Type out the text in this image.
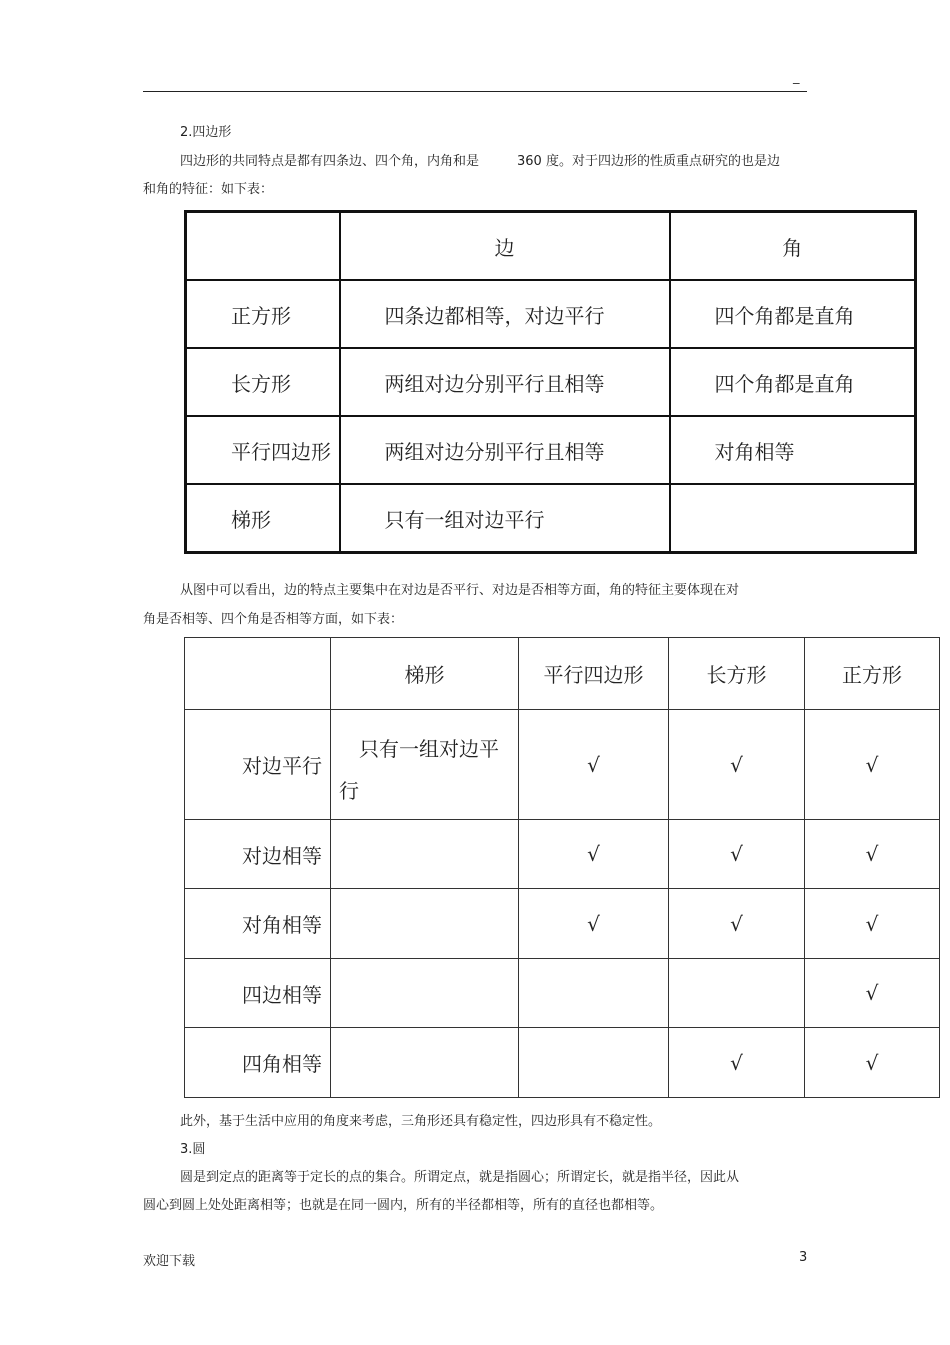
_
2.四边形
四边形的共同特点是都有四条边、四个角，内角和是	360 度。对于四边形的性质重点研究的也是边
和角的特征：如下表：
	边	角
正方形	四条边都相等，对边平行	四个角都是直角
长方形	两组对边分别平行且相等	四个角都是直角
平行四边形	两组对边分别平行且相等	对角相等
梯形	只有一组对边平行	
从图中可以看出，边的特点主要集中在对边是否平行、对边是否相等方面，角的特征主要体现在对
角是否相等、四个角是否相等方面，如下表：
	梯形	平行四边形	长方形	正方形
对边平行	只有一组对边平
行	√	√	√
对边相等		√	√	√
对角相等		√	√	√
四边相等				√
四角相等			√	√
此外，基于生活中应用的角度来考虑，三角形还具有稳定性，四边形具有不稳定性。
3.圆
圆是到定点的距离等于定长的点的集合。所谓定点，就是指圆心；所谓定长，就是指半径，因此从
圆心到圆上处处距离相等；也就是在同一圆内，所有的半径都相等，所有的直径也都相等。
欢迎下载	3
